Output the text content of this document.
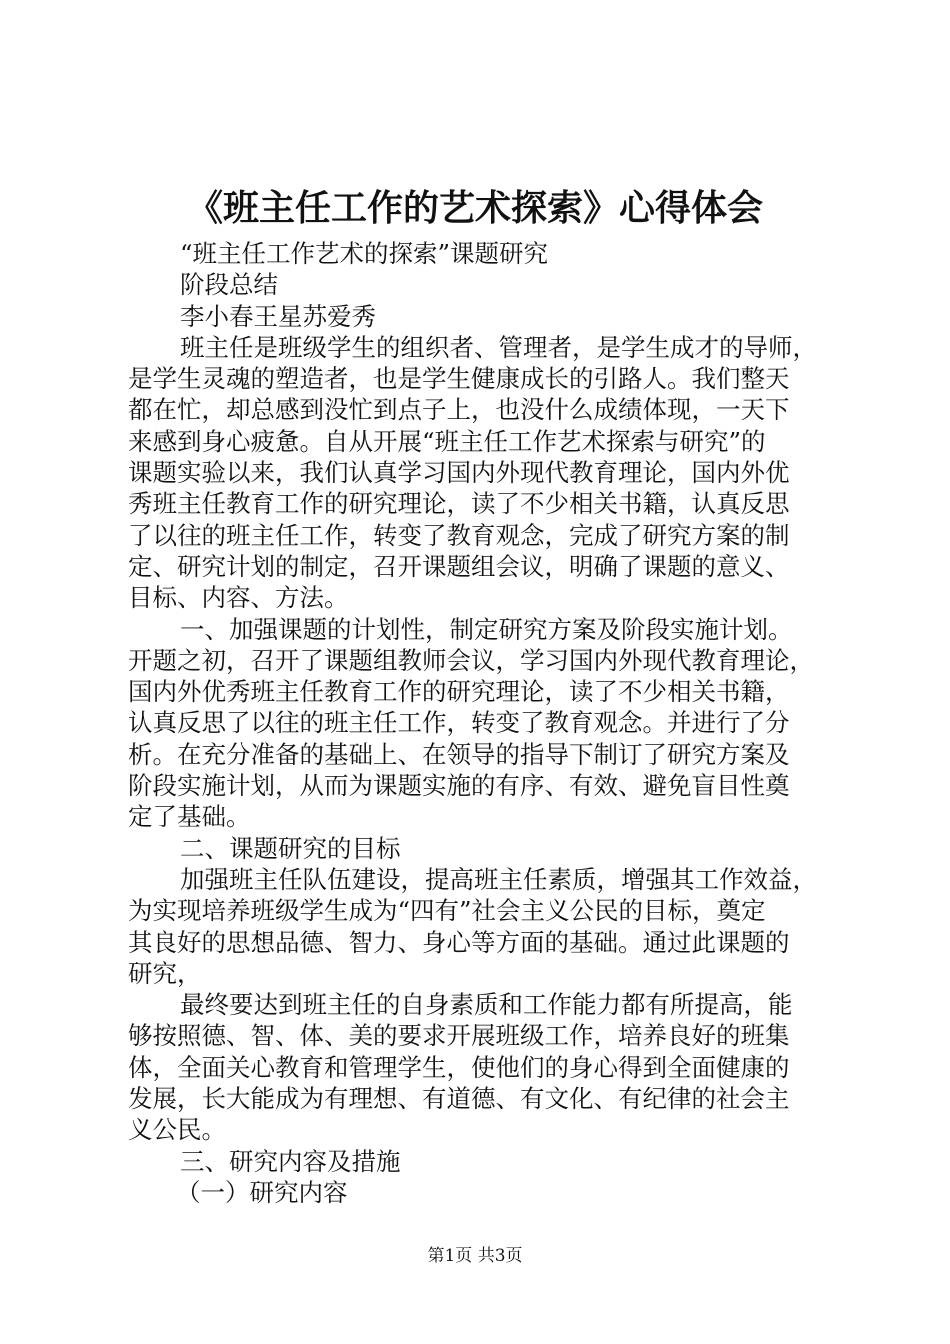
《班主任工作的艺术探索》心得体会
“班主任工作艺术的探索”课题研究
阶段总结
李小春王星苏爱秀
班主任是班级学生的组织者、管理者，是学生成才的导师，
是学生灵魂的塑造者，也是学生健康成长的引路人。我们整天
都在忙，却总感到没忙到点子上，也没什么成绩体现，一天下
来感到身心疲惫。自从开展“班主任工作艺术探索与研究”的
课题实验以来，我们认真学习国内外现代教育理论，国内外优
秀班主任教育工作的研究理论，读了不少相关书籍，认真反思
了以往的班主任工作，转变了教育观念，完成了研究方案的制
定、研究计划的制定，召开课题组会议，明确了课题的意义、
目标、内容、方法。
一、加强课题的计划性，制定研究方案及阶段实施计划。
开题之初，召开了课题组教师会议，学习国内外现代教育理论，
国内外优秀班主任教育工作的研究理论，读了不少相关书籍，
认真反思了以往的班主任工作，转变了教育观念。并进行了分
析。在充分准备的基础上、在领导的指导下制订了研究方案及
阶段实施计划，从而为课题实施的有序、有效、避免盲目性奠
定了基础。
二、课题研究的目标
加强班主任队伍建设，提高班主任素质，增强其工作效益，
为实现培养班级学生成为“四有”社会主义公民的目标，奠定
其良好的思想品德、智力、身心等方面的基础。通过此课题的
研究，
最终要达到班主任的自身素质和工作能力都有所提高，能
够按照德、智、体、美的要求开展班级工作，培养良好的班集
体，全面关心教育和管理学生，使他们的身心得到全面健康的
发展，长大能成为有理想、有道德、有文化、有纪律的社会主
义公民。
三、研究内容及措施
（一）研究内容
第1页 共3页
